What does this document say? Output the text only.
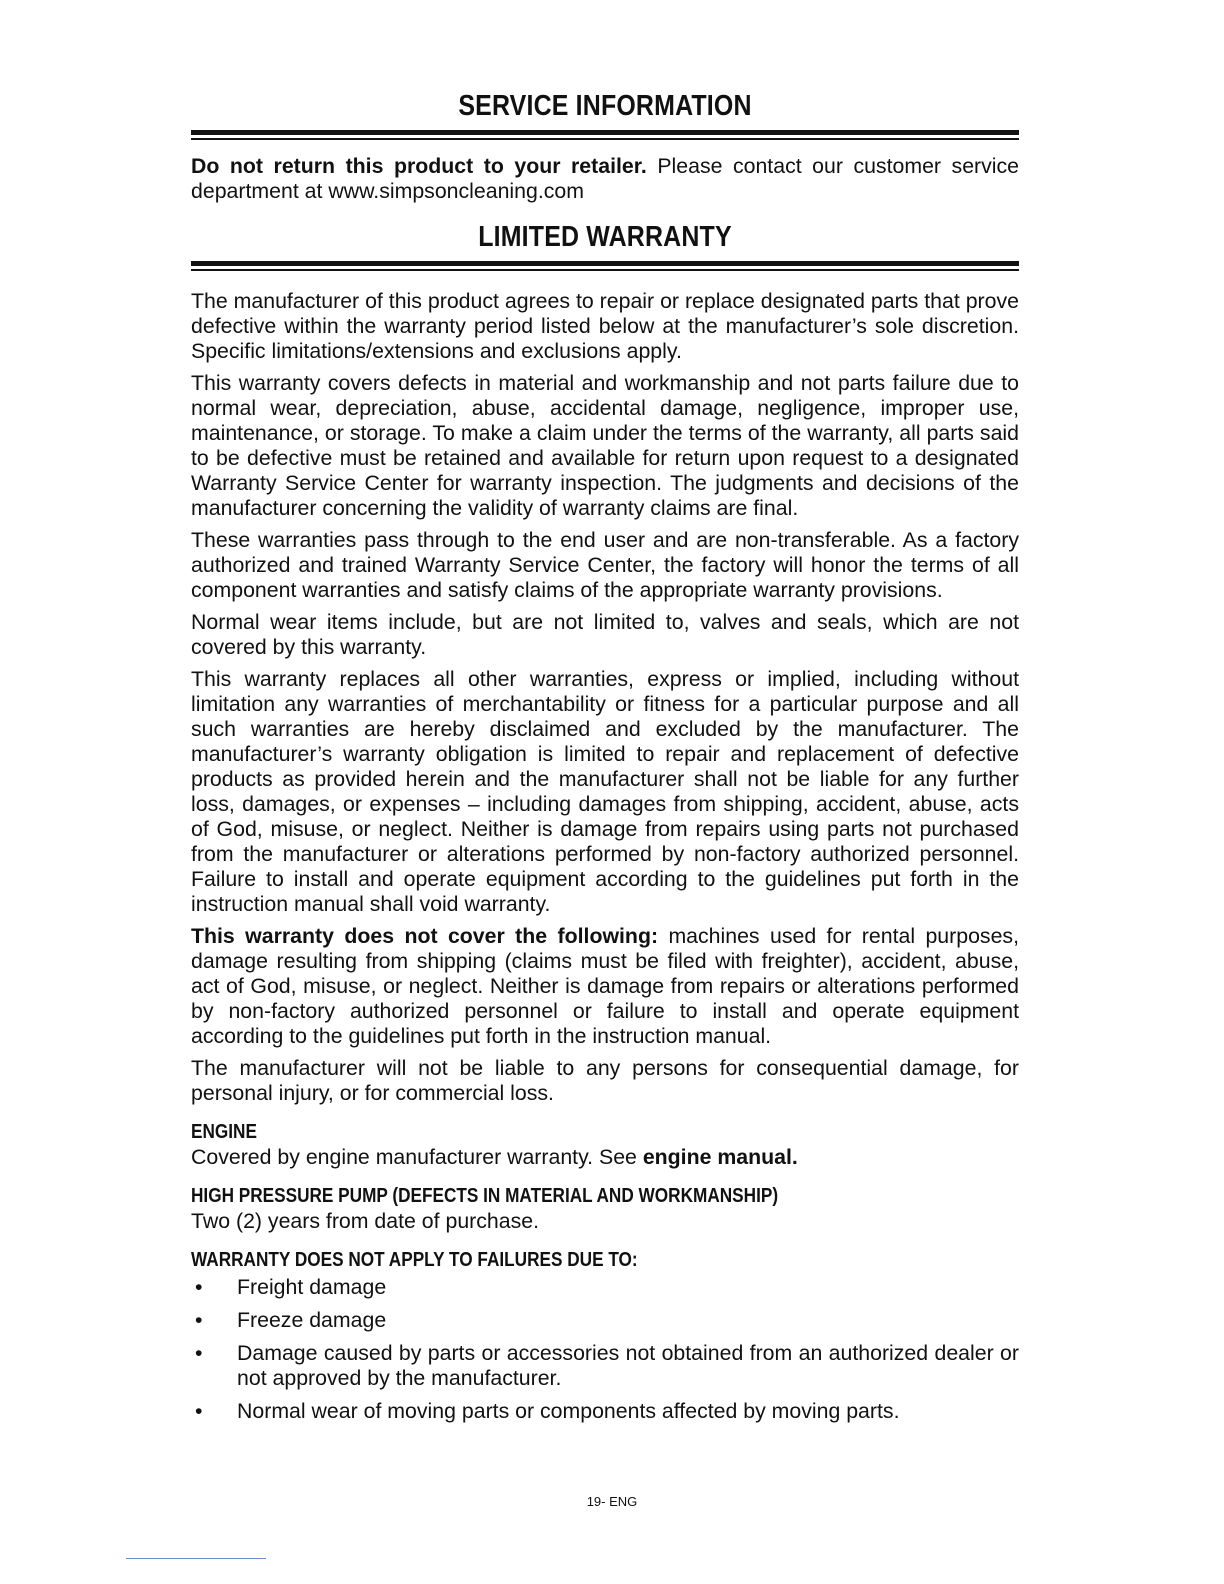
SERVICE INFORMATION

Do not return this product to your retailer. Please contact our customer service department at www.simpsoncleaning.com

LIMITED WARRANTY

The manufacturer of this product agrees to repair or replace designated parts that prove defective within the warranty period listed below at the manufacturer’s sole discretion. Specific limitations/extensions and exclusions apply.

This warranty covers defects in material and workmanship and not parts failure due to normal wear, depreciation, abuse, accidental damage, negligence, improper use, maintenance, or storage. To make a claim under the terms of the warranty, all parts said to be defective must be retained and available for return upon request to a designated Warranty Service Center for warranty inspection. The judgments and decisions of the manufacturer concerning the validity of warranty claims are final.

These warranties pass through to the end user and are non-transferable. As a factory authorized and trained Warranty Service Center, the factory will honor the terms of all component warranties and satisfy claims of the appropriate warranty provisions.

Normal wear items include, but are not limited to, valves and seals, which are not covered by this warranty.

This warranty replaces all other warranties, express or implied, including without limitation any warranties of merchantability or fitness for a particular purpose and all such warranties are hereby disclaimed and excluded by the manufacturer. The manufacturer’s warranty obligation is limited to repair and replacement of defective products as provided herein and the manufacturer shall not be liable for any further loss, damages, or expenses – including damages from shipping, accident, abuse, acts of God, misuse, or neglect. Neither is damage from repairs using parts not purchased from the manufacturer or alterations performed by non-factory authorized personnel. Failure to install and operate equipment according to the guidelines put forth in the instruction manual shall void warranty.

This warranty does not cover the following: machines used for rental purposes, damage resulting from shipping (claims must be filed with freighter), accident, abuse, act of God, misuse, or neglect. Neither is damage from repairs or alterations performed by non-factory authorized personnel or failure to install and operate equipment according to the guidelines put forth in the instruction manual.

The manufacturer will not be liable to any persons for consequential damage, for personal injury, or for commercial loss.

ENGINE

Covered by engine manufacturer warranty. See engine manual.

HIGH PRESSURE PUMP (DEFECTS IN MATERIAL AND WORKMANSHIP)

Two (2) years from date of purchase.

WARRANTY DOES NOT APPLY TO FAILURES DUE TO:
• Freight damage
• Freeze damage
• Damage caused by parts or accessories not obtained from an authorized dealer or not approved by the manufacturer.
• Normal wear of moving parts or components affected by moving parts.
19- ENG
